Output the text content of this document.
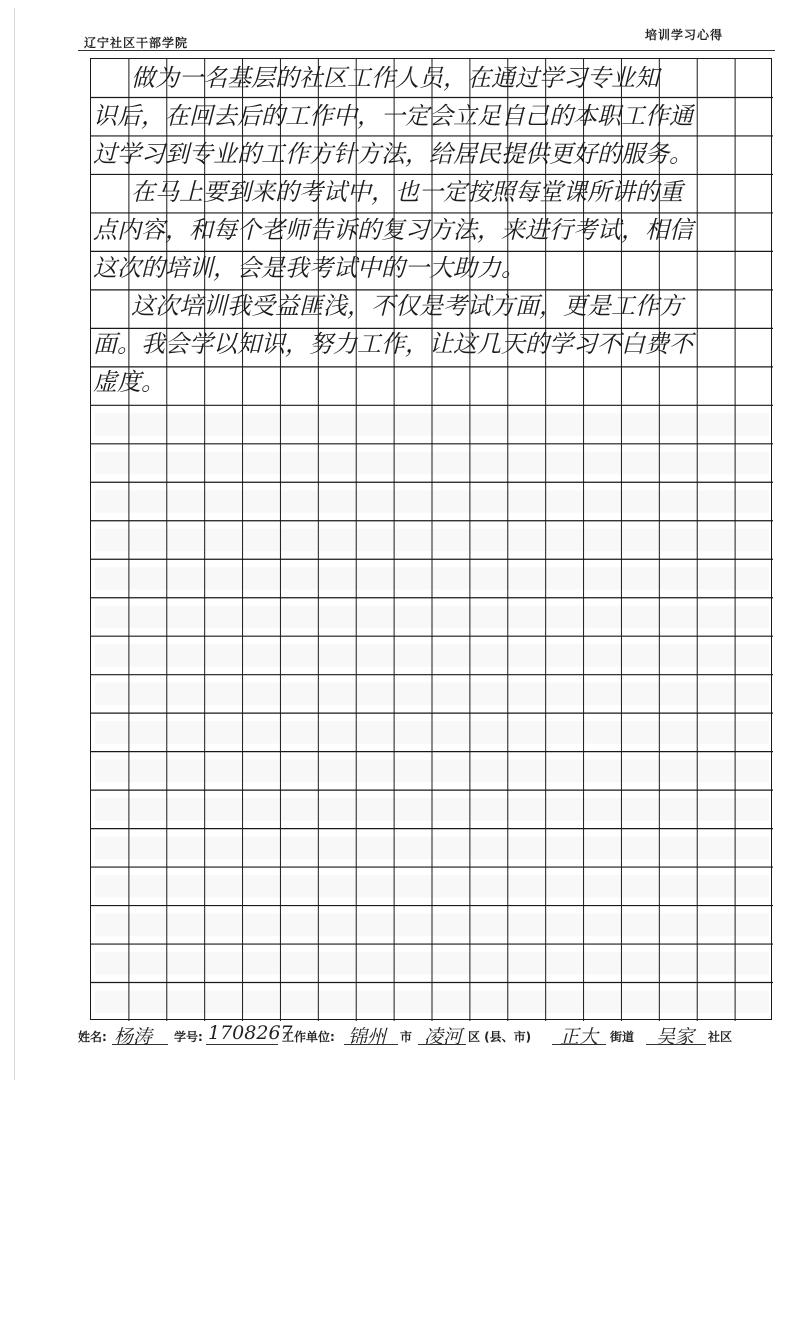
辽宁社区干部学院
培训学习心得
做为一名基层的社区工作人员，在通过学习专业知
识后，在回去后的工作中，一定会立足自己的本职工作通
过学习到专业的工作方针方法，给居民提供更好的服务。
在马上要到来的考试中，也一定按照每堂课所讲的重
点内容，和每个老师告诉的复习方法，来进行考试，相信
这次的培训，会是我考试中的一大助力。
这次培训我受益匪浅，不仅是考试方面，更是工作方
面。我会学以知识，努力工作，让这几天的学习不白费不
虚度。
姓名: 杨涛 学号: 1708267
工作单位: 锦州 市 凌河 区 (县、市) 正大 街道 吴家 社区
